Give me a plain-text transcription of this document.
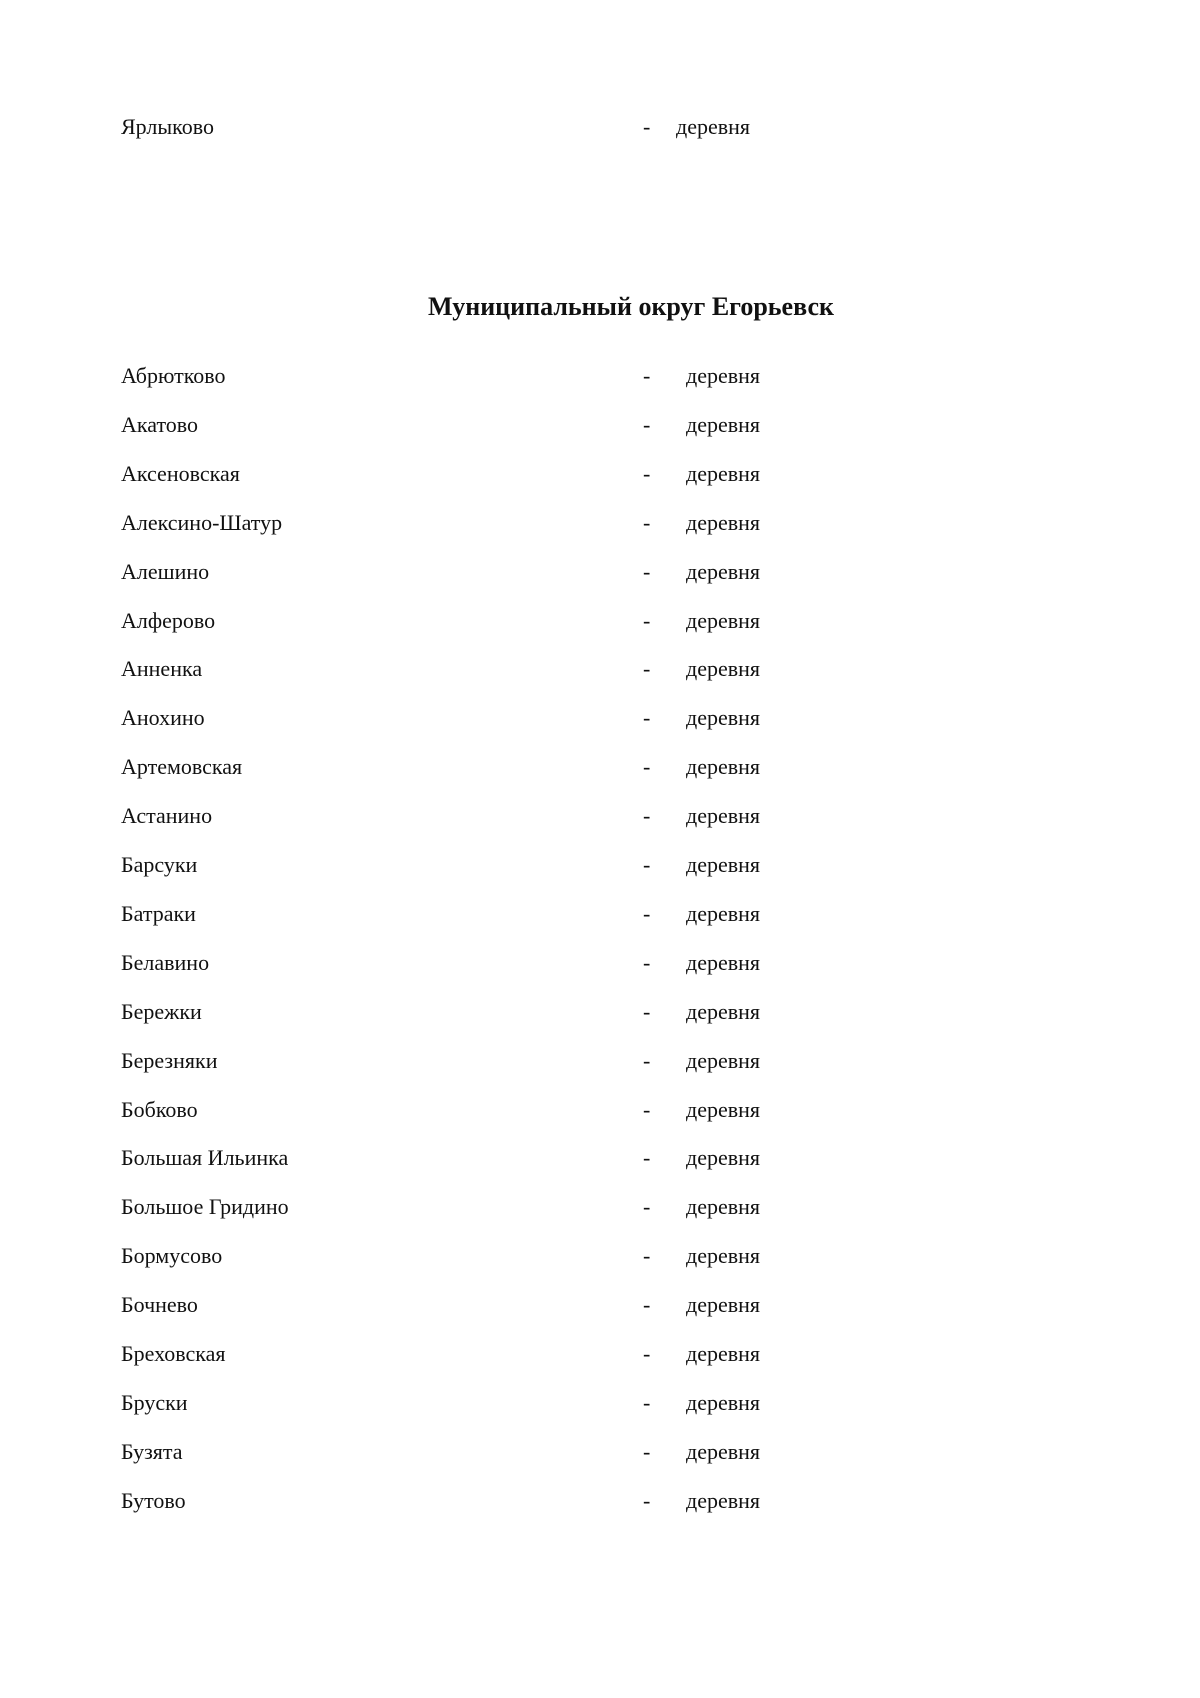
Ярлыково	- деревня
Муниципальный округ Егорьевск
Абрютково	- деревня
Акатово	- деревня
Аксеновская	- деревня
Алексино-Шатур	- деревня
Алешино	- деревня
Алферово	- деревня
Анненка	- деревня
Анохино	- деревня
Артемовская	- деревня
Астанино	- деревня
Барсуки	- деревня
Батраки	- деревня
Белавино	- деревня
Бережки	- деревня
Березняки	- деревня
Бобково	- деревня
Большая Ильинка	- деревня
Большое Гридино	- деревня
Бормусово	- деревня
Бочнево	- деревня
Бреховская	- деревня
Бруски	- деревня
Бузята	- деревня
Бутово	- деревня
